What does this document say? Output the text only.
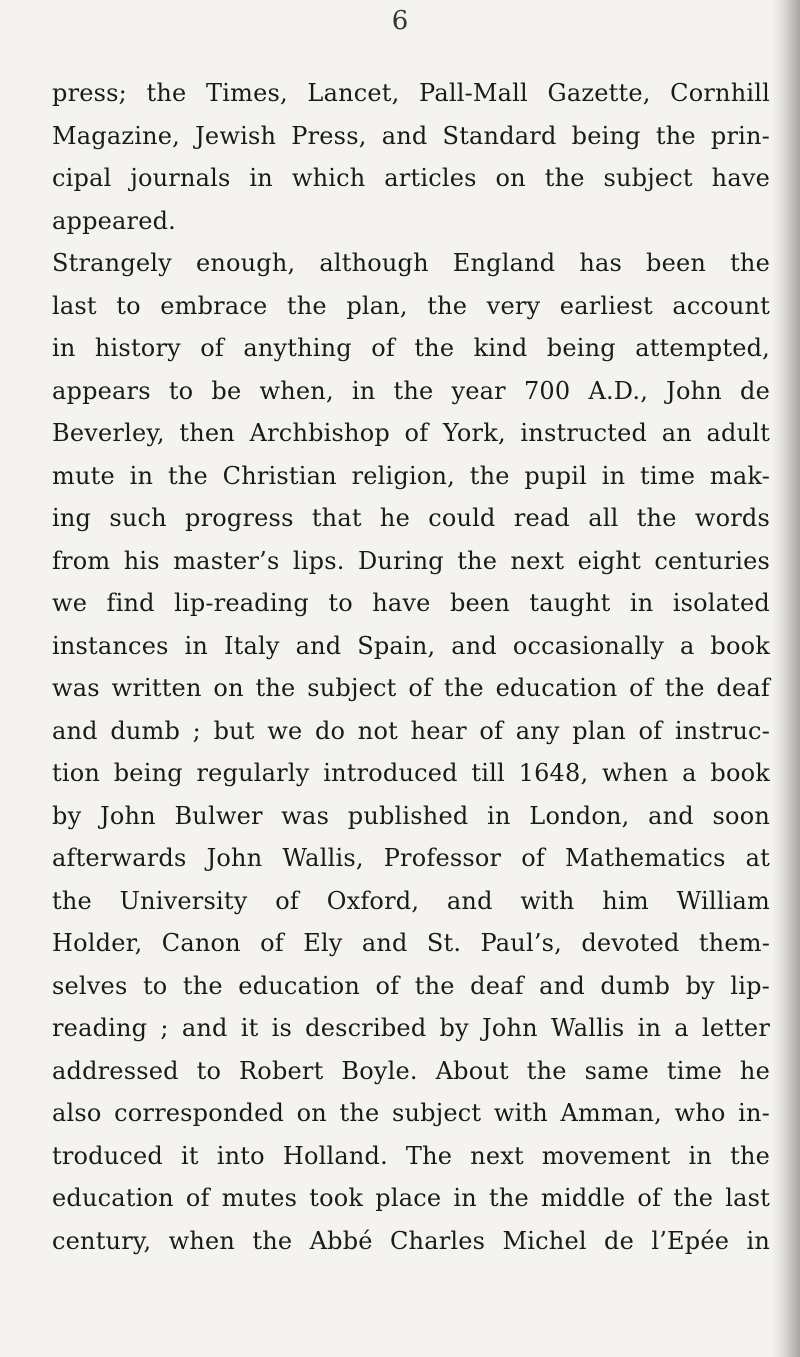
6
press; the Times, Lancet, Pall-Mall Gazette, Cornhill
Magazine, Jewish Press, and Standard being the prin-
cipal journals in which articles on the subject have
appeared.
Strangely enough, although England has been the
last to embrace the plan, the very earliest account
in history of anything of the kind being attempted,
appears to be when, in the year 700 A.D., John de
Beverley, then Archbishop of York, instructed an adult
mute in the Christian religion, the pupil in time mak-
ing such progress that he could read all the words
from his master’s lips. During the next eight centuries
we find lip-reading to have been taught in isolated
instances in Italy and Spain, and occasionally a book
was written on the subject of the education of the deaf
and dumb ; but we do not hear of any plan of instruc-
tion being regularly introduced till 1648, when a book
by John Bulwer was published in London, and soon
afterwards John Wallis, Professor of Mathematics at
the University of Oxford, and with him William
Holder, Canon of Ely and St. Paul’s, devoted them-
selves to the education of the deaf and dumb by lip-
reading ; and it is described by John Wallis in a letter
addressed to Robert Boyle. About the same time he
also corresponded on the subject with Amman, who in-
troduced it into Holland. The next movement in the
education of mutes took place in the middle of the last
century, when the Abbé Charles Michel de l’Epée in
